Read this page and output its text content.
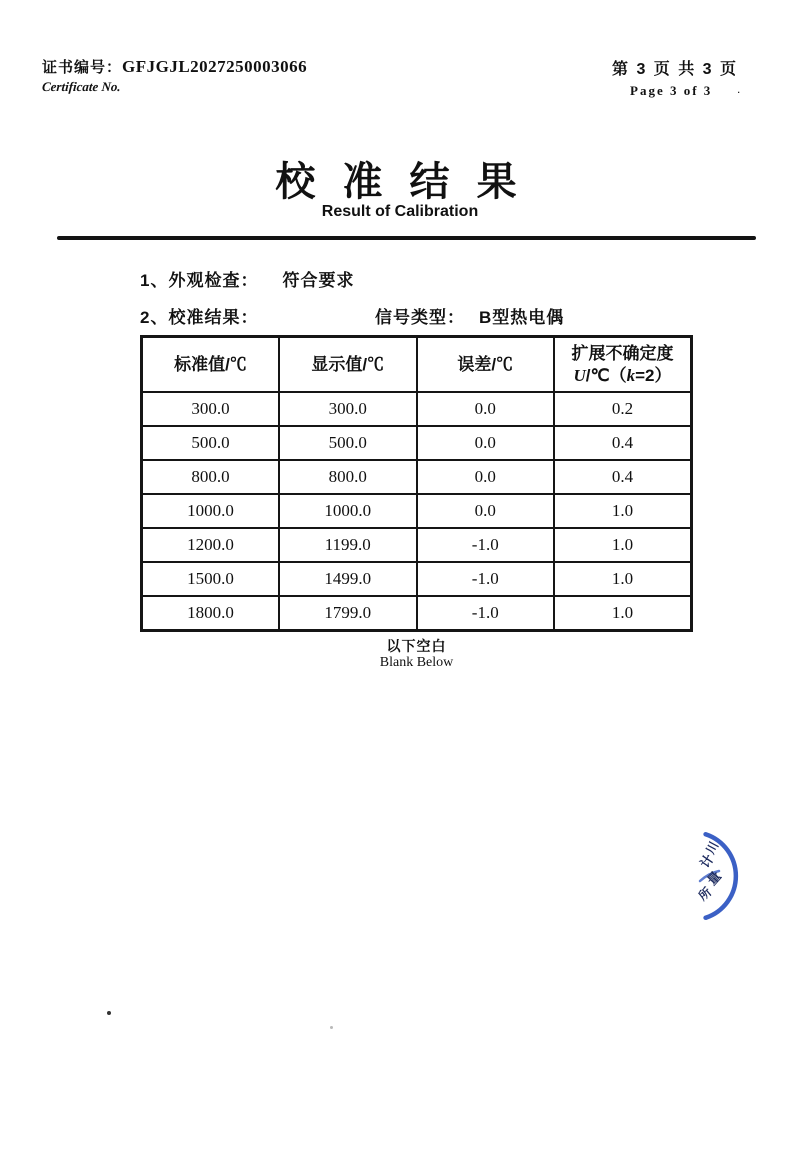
证书编号：GFJGJL2027250003066
Certificate No.
第 3 页 共 3 页
Page 3 of 3	.
校 准 结 果
Result of Calibration
1、外观检查： 符合要求
2、校准结果：	信号类型： B型热电偶
标准值/℃	显示值/℃	误差/℃	扩展不确定度
U/℃（k=2）
300.0	300.0	0.0	0.2
500.0	500.0	0.0	0.4
800.0	800.0	0.0	0.4
1000.0	1000.0	0.0	1.0
1200.0	1199.0	-1.0	1.0
1500.0	1499.0	-1.0	1.0
1800.0	1799.0	-1.0	1.0
以下空白
Blank Below
川
计
量
所
